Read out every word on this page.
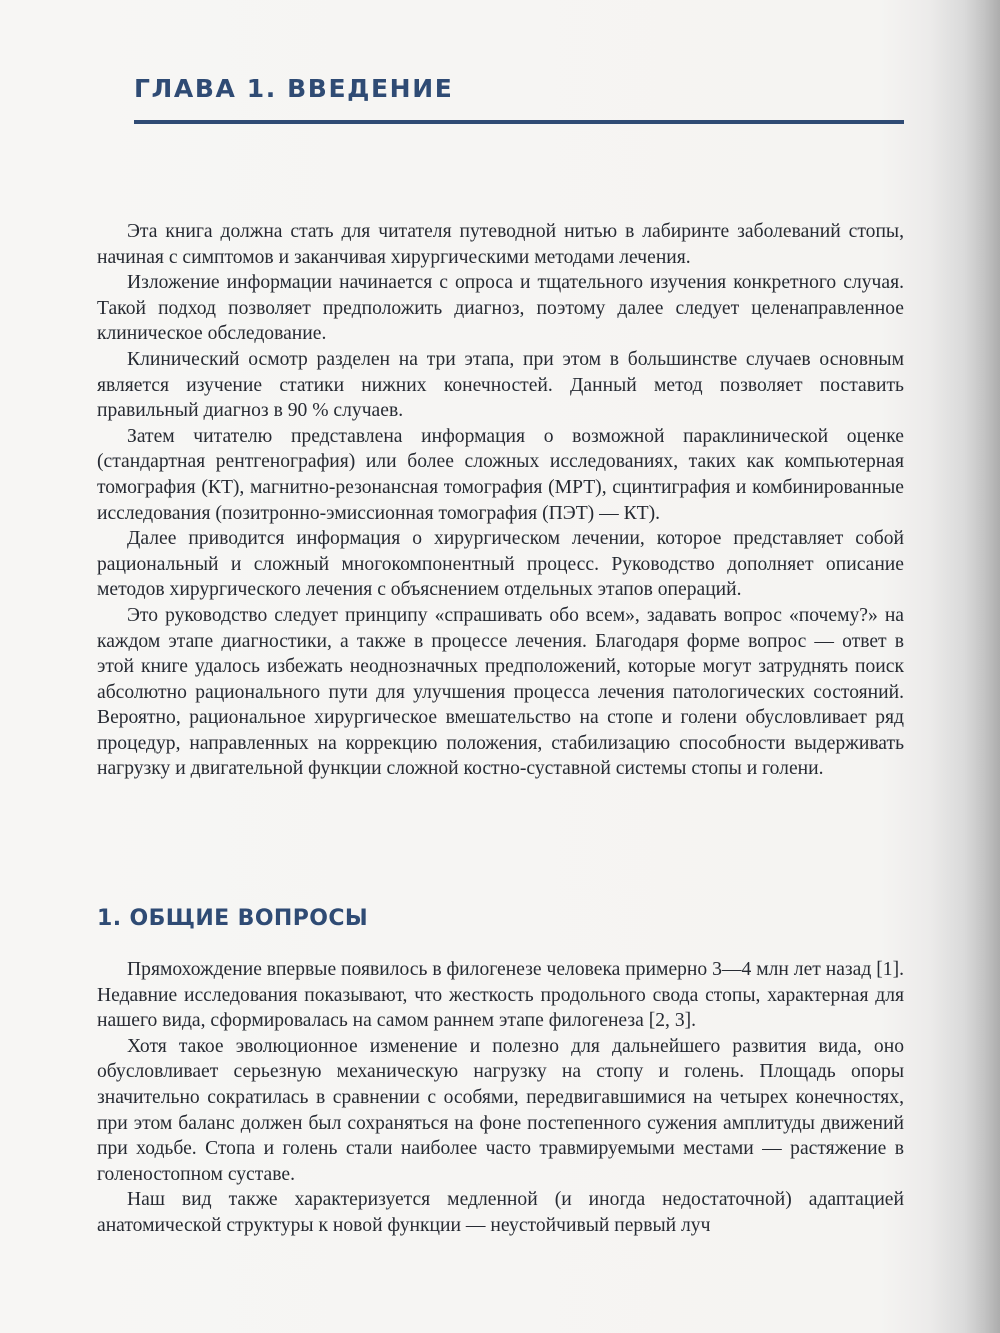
ГЛАВА 1. ВВЕДЕНИЕ

Эта книга должна стать для читателя путеводной нитью в лабиринте заболеваний стопы, начиная с симптомов и заканчивая хирургическими методами лечения.

Изложение информации начинается с опроса и тщательного изучения конкретного случая. Такой подход позволяет предположить диагноз, поэтому далее следует целенаправленное клиническое обследование.

Клинический осмотр разделен на три этапа, при этом в большинстве случаев основным является изучение статики нижних конечностей. Данный метод позволяет поставить правильный диагноз в 90 % случаев.

Затем читателю представлена информация о возможной параклинической оценке (стандартная рентгенография) или более сложных исследованиях, таких как компьютерная томография (КТ), магнитно-резонансная томография (МРТ), сцинтиграфия и комбинированные исследования (позитронно-эмиссионная томография (ПЭТ) — КТ).

Далее приводится информация о хирургическом лечении, которое представляет собой рациональный и сложный многокомпонентный процесс. Руководство дополняет описание методов хирургического лечения с объяснением отдельных этапов операций.

Это руководство следует принципу «спрашивать обо всем», задавать вопрос «почему?» на каждом этапе диагностики, а также в процессе лечения. Благодаря форме вопрос — ответ в этой книге удалось избежать неоднозначных предположений, которые могут затруднять поиск абсолютно рационального пути для улучшения процесса лечения патологических состояний. Вероятно, рациональное хирургическое вмешательство на стопе и голени обусловливает ряд процедур, направленных на коррекцию положения, стабилизацию способности выдерживать нагрузку и двигательной функции сложной костно-суставной системы стопы и голени.

1. ОБЩИЕ ВОПРОСЫ

Прямохождение впервые появилось в филогенезе человека примерно 3—4 млн лет назад [1]. Недавние исследования показывают, что жесткость продольного свода стопы, характерная для нашего вида, сформировалась на самом раннем этапе филогенеза [2, 3].

Хотя такое эволюционное изменение и полезно для дальнейшего развития вида, оно обусловливает серьезную механическую нагрузку на стопу и голень. Площадь опоры значительно сократилась в сравнении с особями, передвигавшимися на четырех конечностях, при этом баланс должен был сохраняться на фоне постепенного сужения амплитуды движений при ходьбе. Стопа и голень стали наиболее часто травмируемыми местами — растяжение в голеностопном суставе.

Наш вид также характеризуется медленной (и иногда недостаточной) адаптацией анатомической структуры к новой функции — неустойчивый первый луч
